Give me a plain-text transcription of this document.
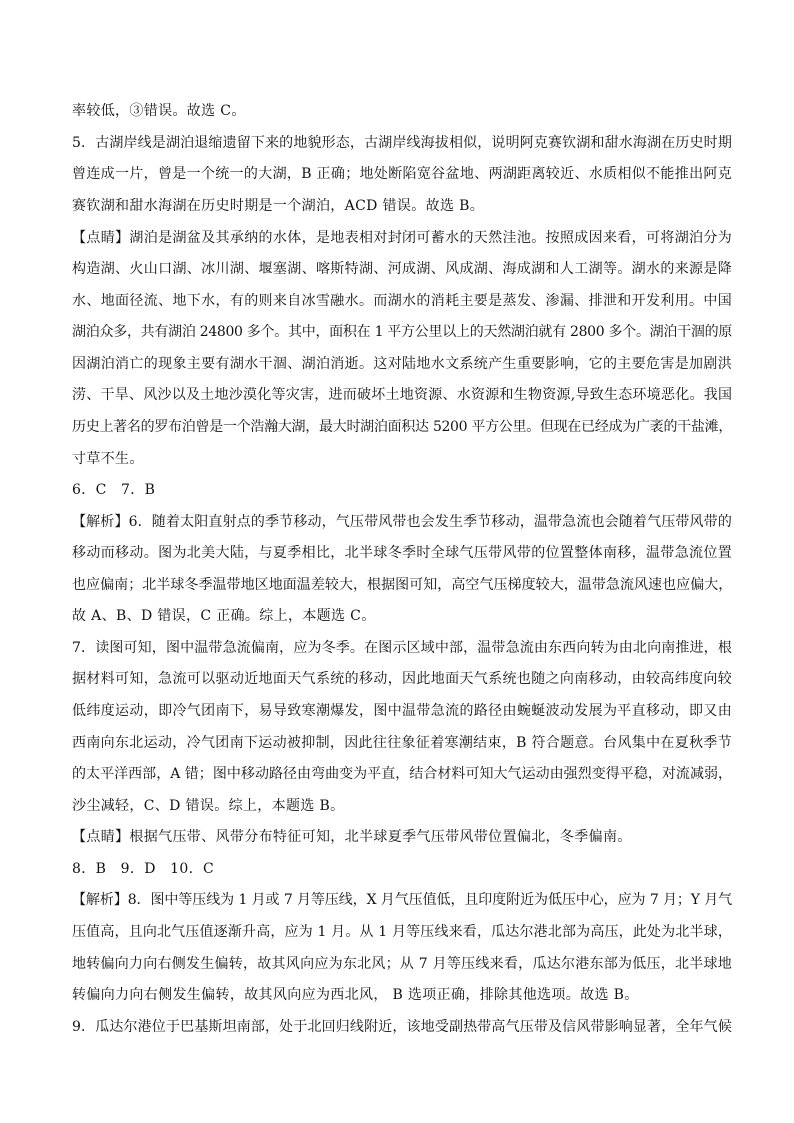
率较低，③错误。故选 C。
5．古湖岸线是湖泊退缩遗留下来的地貌形态，古湖岸线海拔相似，说明阿克赛钦湖和甜水海湖在历史时期
曾连成一片，曾是一个统一的大湖，B 正确；地处断陷宽谷盆地、两湖距离较近、水质相似不能推出阿克
赛钦湖和甜水海湖在历史时期是一个湖泊，ACD 错误。故选 B。
【点睛】湖泊是湖盆及其承纳的水体，是地表相对封闭可蓄水的天然洼池。按照成因来看，可将湖泊分为
构造湖、火山口湖、冰川湖、堰塞湖、喀斯特湖、河成湖、风成湖、海成湖和人工湖等。湖水的来源是降
水、地面径流、地下水，有的则来自冰雪融水。而湖水的消耗主要是蒸发、渗漏、排泄和开发利用。中国
湖泊众多，共有湖泊 24800 多个。其中，面积在 1 平方公里以上的天然湖泊就有 2800 多个。湖泊干涸的原
因湖泊消亡的现象主要有湖水干涸、湖泊消逝。这对陆地水文系统产生重要影响，它的主要危害是加剧洪
涝、干旱、风沙以及土地沙漠化等灾害，进而破坏土地资源、水资源和生物资源,导致生态环境恶化。我国
历史上著名的罗布泊曾是一个浩瀚大湖，最大时湖泊面积达 5200 平方公里。但现在已经成为广袤的干盐滩，
寸草不生。
6．C　7．B
【解析】6．随着太阳直射点的季节移动，气压带风带也会发生季节移动，温带急流也会随着气压带风带的
移动而移动。图为北美大陆，与夏季相比，北半球冬季时全球气压带风带的位置整体南移，温带急流位置
也应偏南；北半球冬季温带地区地面温差较大，根据图可知，高空气压梯度较大，温带急流风速也应偏大，
故 A、B、D 错误，C 正确。综上，本题选 C。
7．读图可知，图中温带急流偏南，应为冬季。在图示区域中部，温带急流由东西向转为由北向南推进，根
据材料可知，急流可以驱动近地面天气系统的移动，因此地面天气系统也随之向南移动，由较高纬度向较
低纬度运动，即冷气团南下，易导致寒潮爆发，图中温带急流的路径由蜿蜒波动发展为平直移动，即又由
西南向东北运动，冷气团南下运动被抑制，因此往往象征着寒潮结束，B 符合题意。台风集中在夏秋季节
的太平洋西部，A 错；图中移动路径由弯曲变为平直，结合材料可知大气运动由强烈变得平稳，对流减弱，
沙尘减轻，C、D 错误。综上，本题选 B。
【点睛】根据气压带、风带分布特征可知，北半球夏季气压带风带位置偏北，冬季偏南。
8．B　9．D　10．C
【解析】8．图中等压线为 1 月或 7 月等压线，X 月气压值低，且印度附近为低压中心，应为 7 月；Y 月气
压值高，且向北气压值逐渐升高，应为 1 月。从 1 月等压线来看，瓜达尔港北部为高压，此处为北半球，
地转偏向力向右侧发生偏转，故其风向应为东北风；从 7 月等压线来看，瓜达尔港东部为低压，北半球地
转偏向力向右侧发生偏转，故其风向应为西北风， B 选项正确，排除其他选项。故选 B。
9．瓜达尔港位于巴基斯坦南部，处于北回归线附近，该地受副热带高气压带及信风带影响显著，全年气候
